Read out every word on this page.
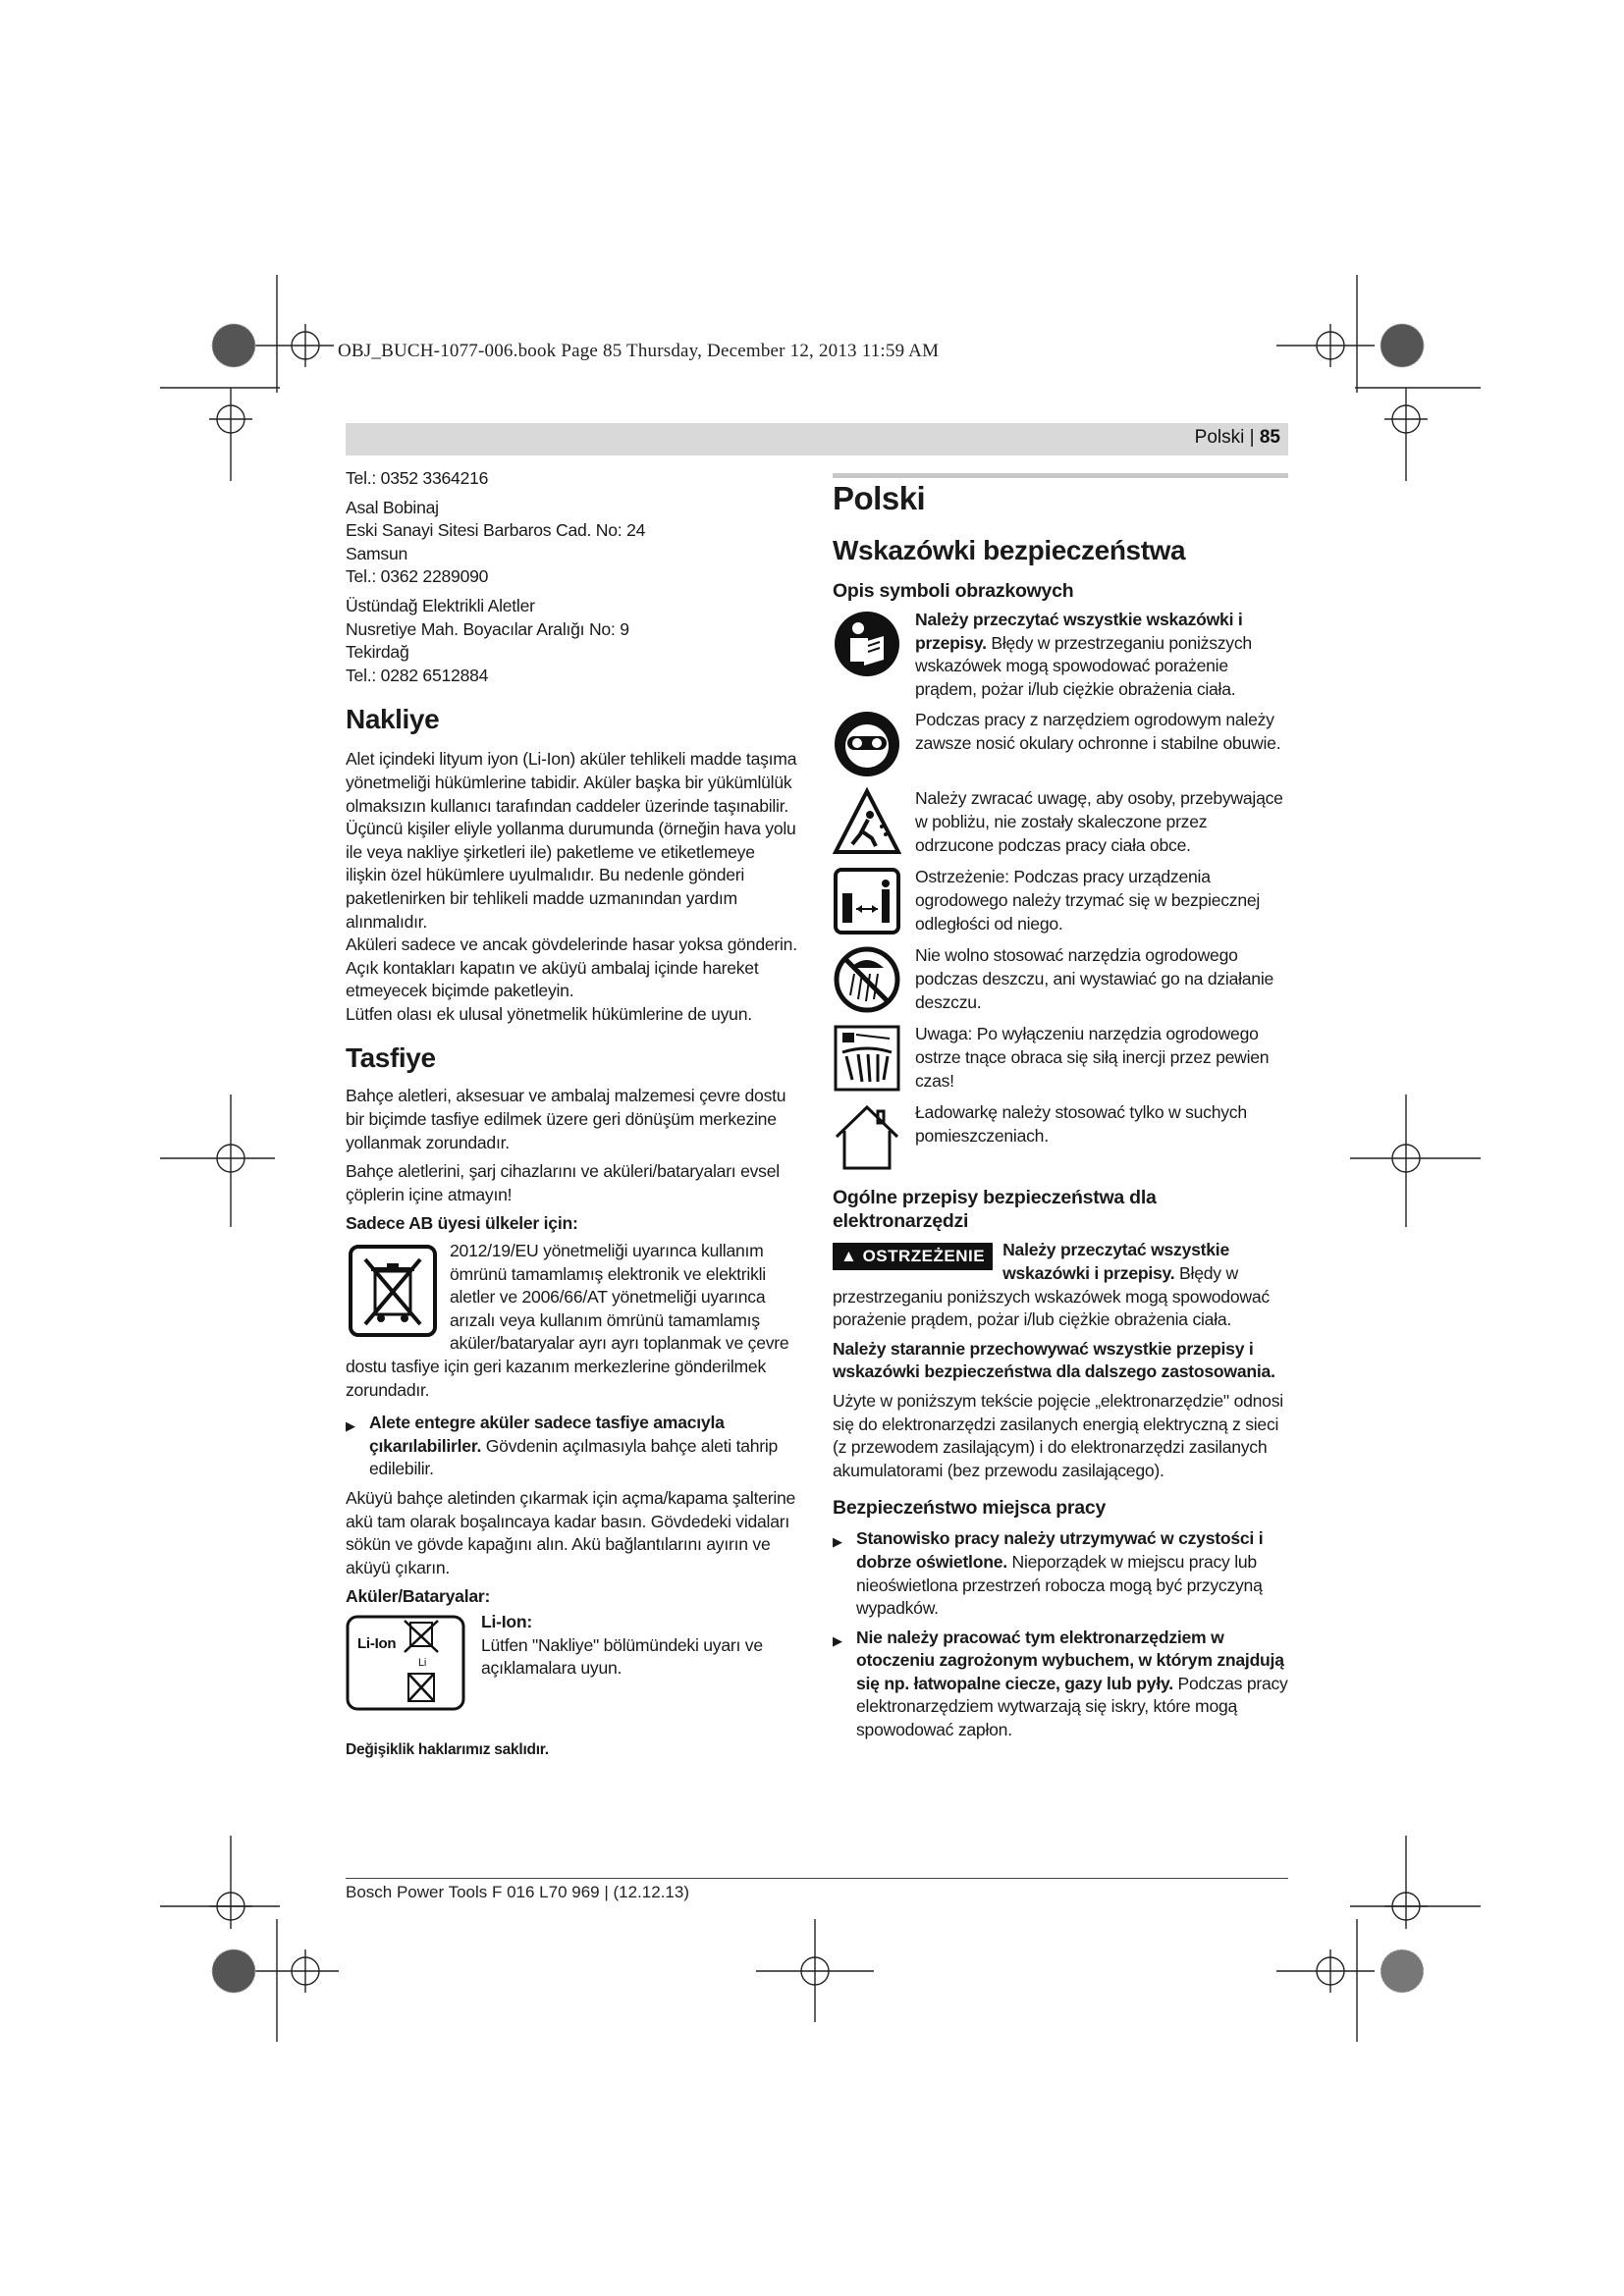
OBJ_BUCH-1077-006.book Page 85 Thursday, December 12, 2013 11:59 AM
Polski | 85
Tel.: 0352 3364216
Asal Bobinaj
Eski Sanayi Sitesi Barbaros Cad. No: 24
Samsun
Tel.: 0362 2289090
Üstündağ Elektrikli Aletler
Nusretiye Mah. Boyacılar Aralığı No: 9
Tekirdağ
Tel.: 0282 6512884
Nakliye
Alet içindeki lityum iyon (Li-Ion) aküler tehlikeli madde taşıma yönetmeliği hükümlerine tabidir. Aküler başka bir yükümlülük olmaksızın kullanıcı tarafından caddeler üzerinde taşınabilir.
Üçüncü kişiler eliyle yollanma durumunda (örneğin hava yolu ile veya nakliye şirketleri ile) paketleme ve etiketlemeye ilişkin özel hükümlere uyulmalıdır. Bu nedenle gönderi paketlenirken bir tehlikeli madde uzmanından yardım alınmalıdır.
Aküleri sadece ve ancak gövdelerinde hasar yoksa gönderin. Açık kontakları kapatın ve aküyü ambalaj içinde hareket etmeyecek biçimde paketleyin.
Lütfen olası ek ulusal yönetmelik hükümlerine de uyun.
Tasfiye
Bahçe aletleri, aksesuar ve ambalaj malzemesi çevre dostu bir biçimde tasfiye edilmek üzere geri dönüşüm merkezine yollanmak zorundadır.
Bahçe aletlerini, şarj cihazlarını ve aküleri/bataryaları evsel çöplerin içine atmayın!
Sadece AB üyesi ülkeler için:
2012/19/EU yönetmeliği uyarınca kullanım ömrünü tamamlamış elektronik ve elektrikli aletler ve 2006/66/AT yönetmeliği uyarınca arızalı veya kullanım ömrünü tamamlamış aküler/bataryalar ayrı ayrı toplanmak ve çevre dostu tasfiye için geri kazanım merkezlerine gönderilmek zorundadır.
▶ Alete entegre aküler sadece tasfiye amacıyla çıkarılabilirler. Gövdenin açılmasıyla bahçe aleti tahrip edilebilir.
Aküyü bahçe aletinden çıkarmak için açma/kapama şalterine akü tam olarak boşalıncaya kadar basın. Gövdedeki vidaları sökün ve gövde kapağını alın. Akü bağlantılarını ayırın ve aküyü çıkarın.
Aküler/Bataryalar:
Li-Ion
Li
Li-Ion:
Lütfen "Nakliye" bölümündeki uyarı ve açıklamalara uyun.
Değişiklik haklarımız saklıdır.
Polski
Wskazówki bezpieczeństwa
Opis symboli obrazkowych
Należy przeczytać wszystkie wskazówki i przepisy. Błędy w przestrzeganiu poniższych wskazówek mogą spowodować porażenie prądem, pożar i/lub ciężkie obrażenia ciała.
Podczas pracy z narzędziem ogrodowym należy zawsze nosić okulary ochronne i stabilne obuwie.
Należy zwracać uwagę, aby osoby, przebywające w pobliżu, nie zostały skaleczone przez odrzucone podczas pracy ciała obce.
Ostrzeżenie: Podczas pracy urządzenia ogrodowego należy trzymać się w bezpiecznej odległości od niego.
Nie wolno stosować narzędzia ogrodowego podczas deszczu, ani wystawiać go na działanie deszczu.
Uwaga: Po wyłączeniu narzędzia ogrodowego ostrze tnące obraca się siłą inercji przez pewien czas!
Ładowarkę należy stosować tylko w suchych pomieszczeniach.
Ogólne przepisy bezpieczeństwa dla elektronarzędzi
▲ OSTRZEŻENIE	Należy przeczytać wszystkie wskazówki i przepisy. Błędy w przestrzeganiu poniższych wskazówek mogą spowodować porażenie prądem, pożar i/lub ciężkie obrażenia ciała.
Należy starannie przechowywać wszystkie przepisy i wskazówki bezpieczeństwa dla dalszego zastosowania.
Użyte w poniższym tekście pojęcie „elektronarzędzie" odnosi się do elektronarzędzi zasilanych energią elektryczną z sieci (z przewodem zasilającym) i do elektronarzędzi zasilanych akumulatorami (bez przewodu zasilającego).
Bezpieczeństwo miejsca pracy
▶ Stanowisko pracy należy utrzymywać w czystości i dobrze oświetlone. Nieporządek w miejscu pracy lub nieoświetlona przestrzeń robocza mogą być przyczyną wypadków.
▶ Nie należy pracować tym elektronarzędziem w otoczeniu zagrożonym wybuchem, w którym znajdują się np. łatwopalne ciecze, gazy lub pyły. Podczas pracy elektronarzędziem wytwarzają się iskry, które mogą spowodować zapłon.
Bosch Power Tools F 016 L70 969 | (12.12.13)
